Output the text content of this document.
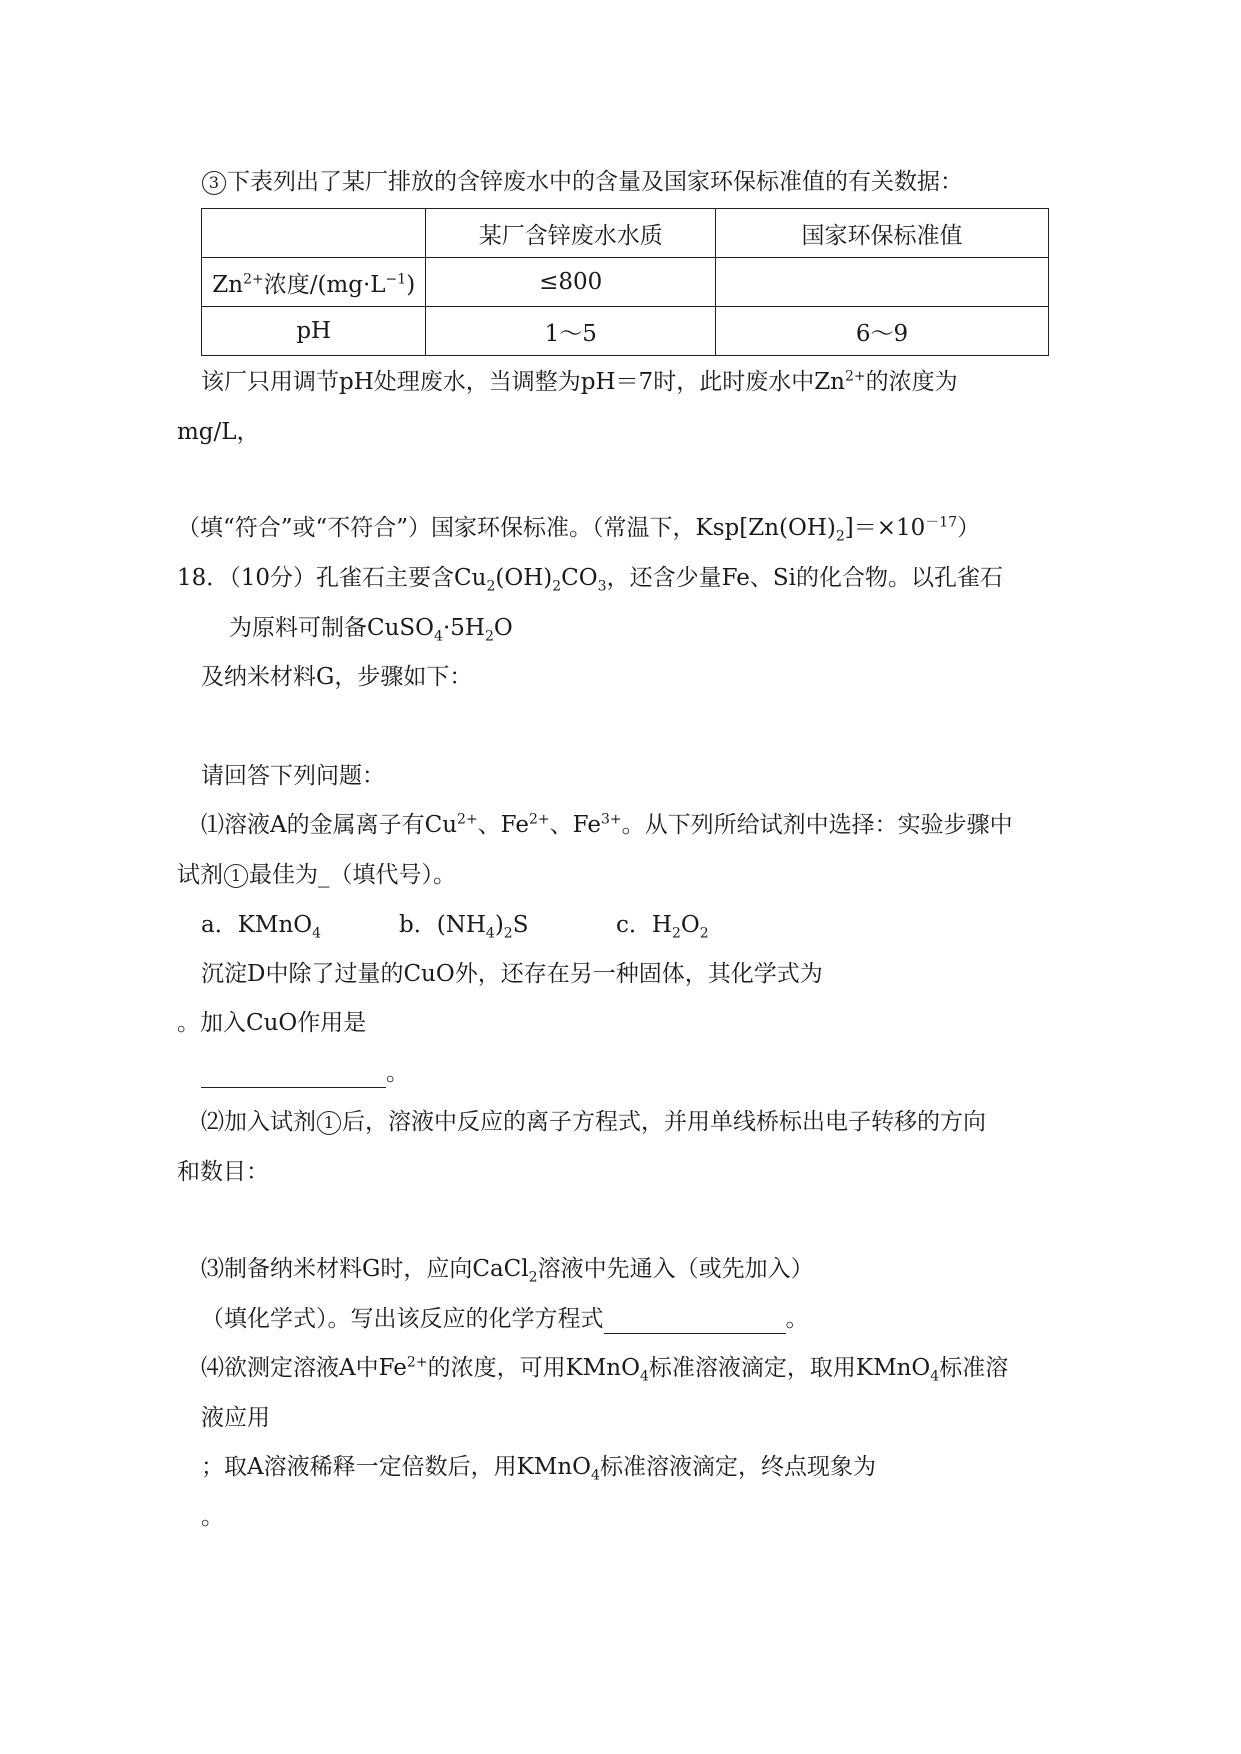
3 下表列出了某厂排放的含锌废水中的含量及国家环保标准值的有关数据：
	某厂含锌废水水质	国家环保标准值
$Zn^{2+}$浓度$/(mg\cdot L^{-1})$	≤800	
pH	1～5	6～9
该厂只用调节pH处理废水，当调整为pH＝7时，此时废水中$Zn^{2+}$的浓度为
mg/L，
（填“符合”或“不符合”）国家环保标准。（常温下，$Ksp[Zn(OH)_2]=\times 10^{-17}$）
18．（10分）孔雀石主要含$Cu_2(OH)_2CO_3$，还含少量Fe、Si的化合物。以孔雀石
为原料可制备$CuSO_4\cdot 5H_2O$
及纳米材料G，步骤如下：
请回答下列问题：
⑴溶液A的金属离子有$Cu^{2+}$、$Fe^{2+}$、$Fe^{3+}$。从下列所给试剂中选择：实验步骤中
试剂 1 最佳为_（填代号）。
a．KMnO$_4$	b．$(NH_4)_2S$	c．$H_2O_2$
沉淀D中除了过量的CuO外，还存在另一种固体，其化学式为
。加入CuO作用是
。
⑵加入试剂 1 后，溶液中反应的离子方程式，并用单线桥标出电子转移的方向
和数目：
⑶制备纳米材料G时，应向CaCl$_2$溶液中先通入（或先加入）
（填化学式）。写出该反应的化学方程式	。
⑷欲测定溶液A中$Fe^{2+}$的浓度，可用KMnO$_4$标准溶液滴定，取用KMnO$_4$标准溶
液应用
；取A溶液稀释一定倍数后，用KMnO$_4$标准溶液滴定，终点现象为
。
